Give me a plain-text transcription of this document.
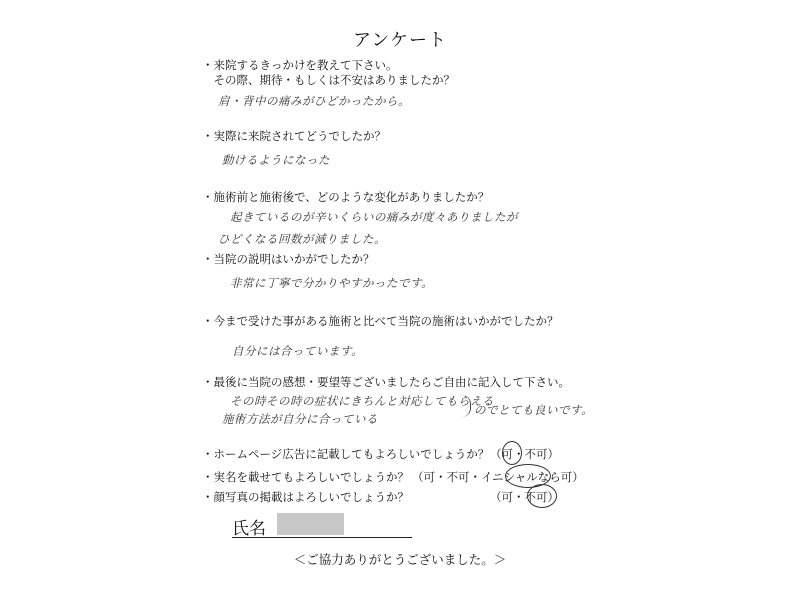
アンケート
・来院するきっかけを教えて下さい。
　その際、期待・もしくは不安はありましたか？
肩・背中の痛みがひどかったから。
・実際に来院されてどうでしたか？
動けるようになった
・施術前と施術後で、どのような変化がありましたか？
起きているのが辛いくらいの痛みが度々ありましたが
ひどくなる回数が減りました。
・当院の説明はいかがでしたか？
非常に丁寧で分かりやすかったです。
・今まで受けた事がある施術と比べて当院の施術はいかがでしたか？
自分には合っています。
・最後に当院の感想・要望等ございましたらご自由に記入して下さい。
その時その時の症状にきちんと対応してもらえる
施術方法が自分に合っている
のでとても良いです。
・ホームページ広告に記載してもよろしいでしょうか？ （可・不可）
・実名を載せてもよろしいでしょうか？ （可・不可・イニシャルなら可）
・顔写真の掲載はよろしいでしょうか？	（可・不可）
氏名
＜ご協力ありがとうございました。＞
